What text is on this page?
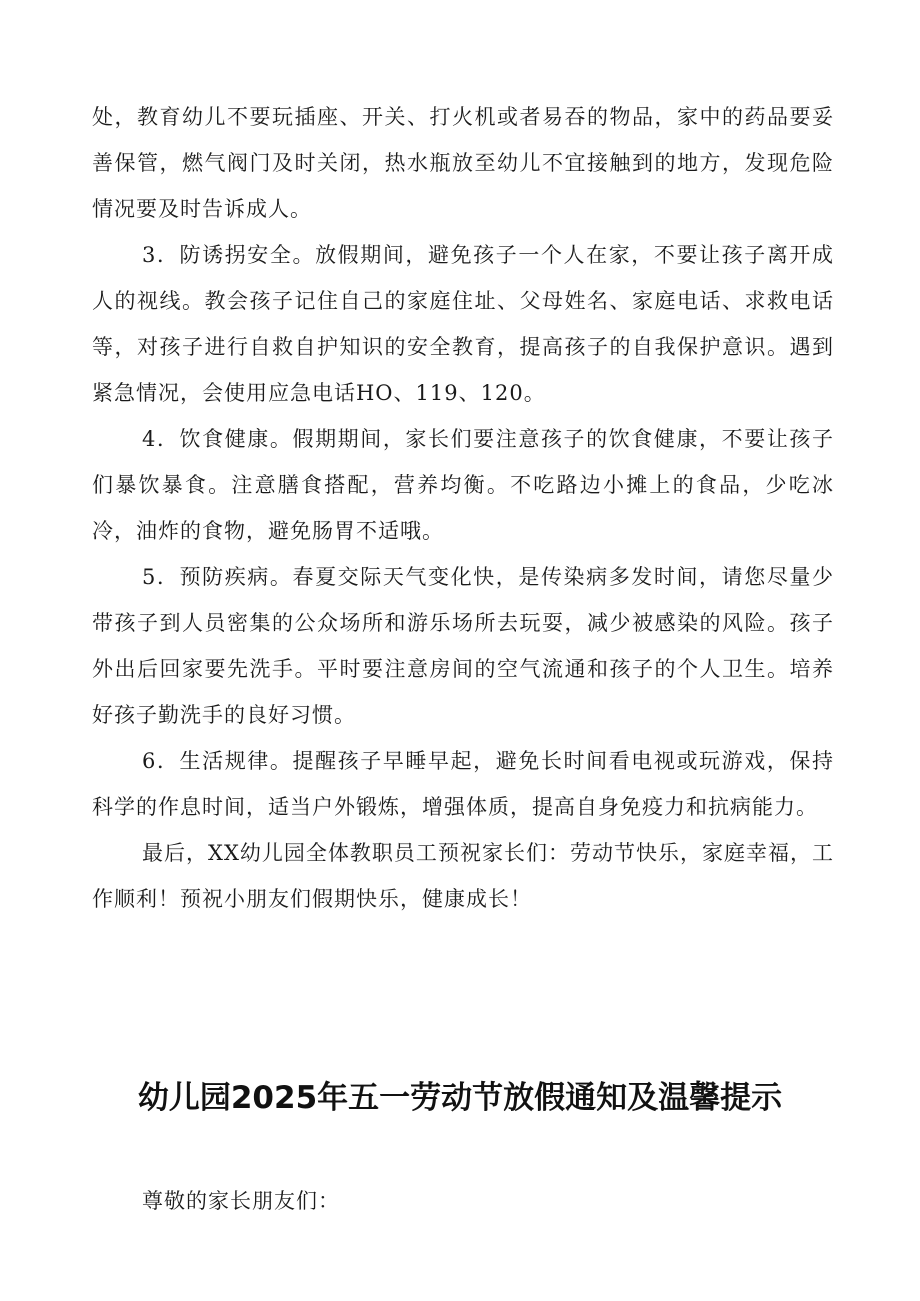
处，教育幼儿不要玩插座、开关、打火机或者易吞的物品，家中的药品要妥善保管，燃气阀门及时关闭，热水瓶放至幼儿不宜接触到的地方，发现危险情况要及时告诉成人。

3．防诱拐安全。放假期间，避免孩子一个人在家，不要让孩子离开成人的视线。教会孩子记住自己的家庭住址、父母姓名、家庭电话、求救电话等，对孩子进行自救自护知识的安全教育，提高孩子的自我保护意识。遇到紧急情况，会使用应急电话HO、119、120。

4．饮食健康。假期期间，家长们要注意孩子的饮食健康，不要让孩子们暴饮暴食。注意膳食搭配，营养均衡。不吃路边小摊上的食品，少吃冰冷，油炸的食物，避免肠胃不适哦。

5．预防疾病。春夏交际天气变化快，是传染病多发时间，请您尽量少带孩子到人员密集的公众场所和游乐场所去玩耍，减少被感染的风险。孩子外出后回家要先洗手。平时要注意房间的空气流通和孩子的个人卫生。培养好孩子勤洗手的良好习惯。

6．生活规律。提醒孩子早睡早起，避免长时间看电视或玩游戏，保持科学的作息时间，适当户外锻炼，增强体质，提高自身免疫力和抗病能力。

最后，XX幼儿园全体教职员工预祝家长们：劳动节快乐，家庭幸福，工作顺利！预祝小朋友们假期快乐，健康成长！

幼儿园2025年五一劳动节放假通知及温馨提示

尊敬的家长朋友们：
